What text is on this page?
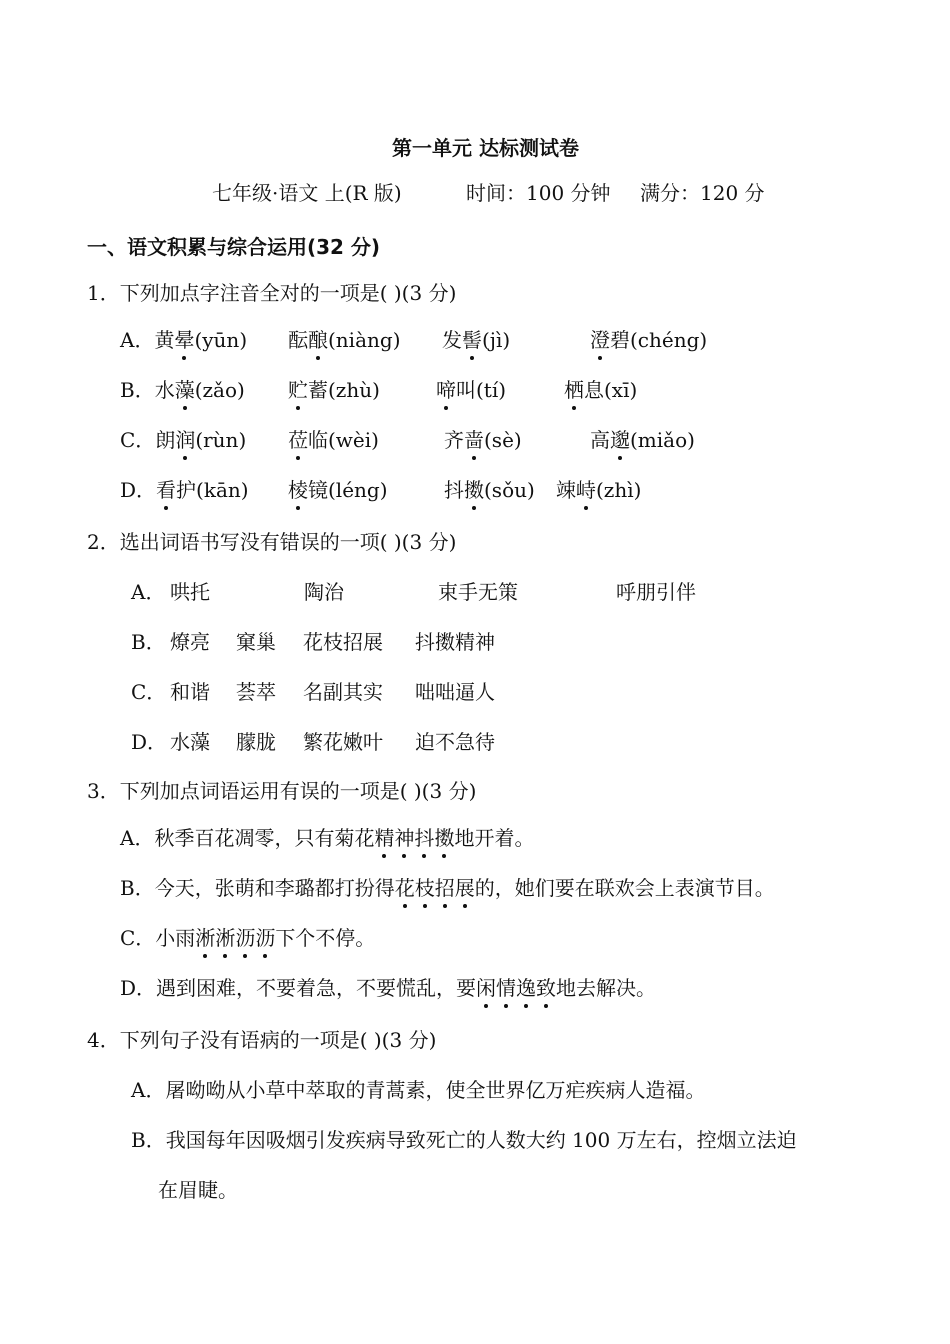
第一单元 达标测试卷
七年级·语文 上(R 版)	时间：100 分钟 满分：120 分
一、语文积累与综合运用(32 分)
1．下列加点字注音全对的一项是( )(3 分)
A．黄晕(yūn) 酝酿(niàng) 发髻(jì)	澄碧(chéng)
B．水藻(zǎo) 贮蓄(zhù)	啼叫(tí)	栖息(xī)
C．朗润(rùn) 莅临(wèi)	齐啬(sè)	高邈(miǎo)
D．看护(kān) 棱镜(léng)	抖擞(sǒu) 竦峙(zhì)
2．选出词语书写没有错误的一项( )(3 分)
A． 哄托	陶治	束手无策	呼朋引伴
B． 燎亮 窠巢 花枝招展 抖擞精神
C． 和谐 荟萃 名副其实 咄咄逼人
D． 水藻 朦胧 繁花嫩叶 迫不急待
3．下列加点词语运用有误的一项是( )(3 分)
A．秋季百花凋零，只有菊花精神抖擞地开着。
B．今天，张萌和李璐都打扮得花枝招展的，她们要在联欢会上表演节目。
C．小雨淅淅沥沥下个不停。
D．遇到困难，不要着急，不要慌乱，要闲情逸致地去解决。
4．下列句子没有语病的一项是( )(3 分)
A．屠呦呦从小草中萃取的青蒿素，使全世界亿万疟疾病人造福。
B．我国每年因吸烟引发疾病导致死亡的人数大约 100 万左右，控烟立法迫
在眉睫。
